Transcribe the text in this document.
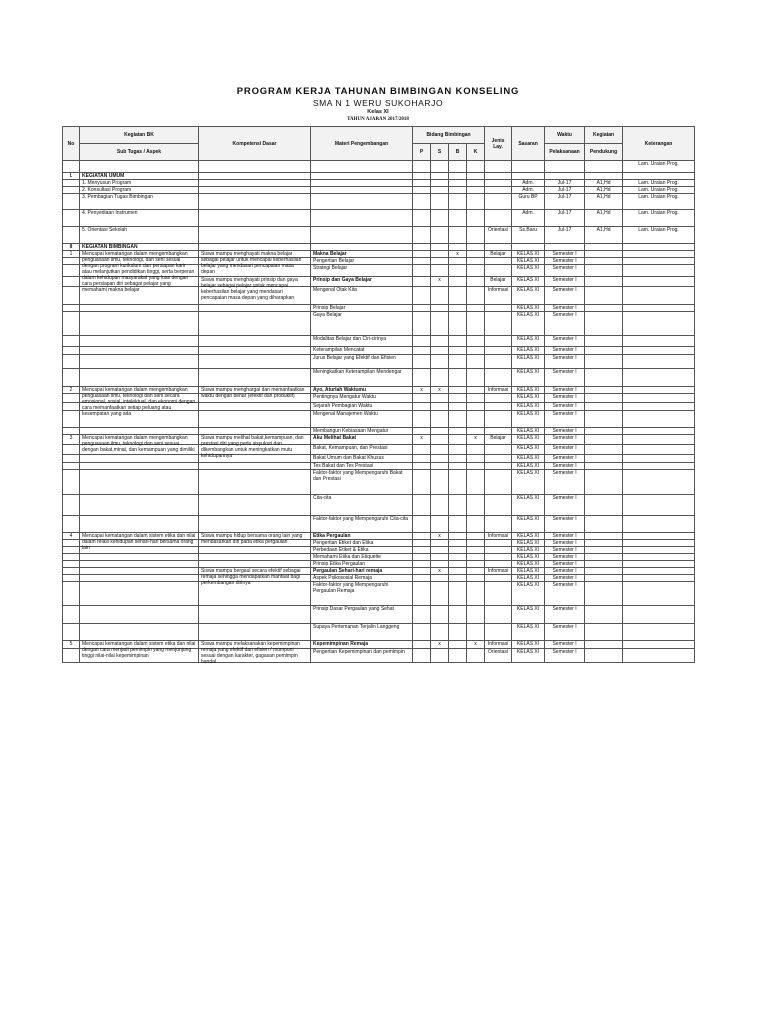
PROGRAM KERJA TAHUNAN BIMBINGAN KONSELING
SMA N 1 WERU SUKOHARJO
Kelas XI
TAHUN AJARAN 2017/2018
No	Kegiatan BK	Kompetensi Dasar	Materi Pengembangan	Bidang Bimbingan				Jenis Lay.	Sasaran	Waktu	Kegiatan	Keterangan
	Sub Tugas / Aspek			P	S	B	K			Pelaksanaan	Pendukung	
												Lam. Uraian Prog.
I.	KEGIATAN UMUM											
	1. Menyusun Program								Adm.	Jul-17	A1,Hd	Lam. Uraian Prog.
	2. Konsultasi Program								Adm.	Jul-17	A1,Hd	Lam. Uraian Prog.
	3. Pembagian Tugas Bimbingan								Guru BP	Jul-17	A1,Hd	Lam. Uraian Prog.
	4. Penyediaan Instrumen								Adm.	Jul-17	A1,Hd	Lam. Uraian Prog.
	5. Orientasi Sekolah							Orientasi	Ss.Baru	Jul-17	A1,Hd	Lam. Uraian Prog.
II	KEGIATAN BIMBINGAN											
1	Mencapai kematangan dalam mengembangkan penguasaan ilmu, teknologi, dan seni sesuai dengan program kurikulum dan persiapan karir atau melanjutkan pendidikan tinggi, serta berperan dalam kehidupan masyarakat yang luas dengan cara persiapan diri sebagai pelajar yang memahami makna belajar	Siswa mampu menghayati makna belajar sebagai pelajar untuk mencapai keberhasilan belajar yang mendasari pencapaian masa depan	Makna Belajar			x		Belajar	KELAS XI	Semester I		
			Pengertian Belajar						KELAS XI	Semester I		
			Strategi Belajar						KELAS XI	Semester I		

		Siswa mampu menghayati prinsip dan gaya belajar sebagai pelajar untuk mencapai keberhasilan belajar yang mendasari pencapaian masa depan yang diharapkan	Prinsip dan Gaya Belajar		x			Belajar	KELAS XI	Semester I		
			Mengenal Otak Kita					Informasi	KELAS XI	Semester I		
			Prinsip Belajar						KELAS XI	Semester I		
			Gaya Belajar						KELAS XI	Semester I		
			Modalitas Belajar dan Ciri-cirinya						KELAS XI	Semester I		
			Keterampilan Mencatat						KELAS XI	Semester I		
			Jurus Belajar yang Efektif dan Efisien						KELAS XI	Semester I		
			Meningkatkan Keterampilan Mendengar						KELAS XI	Semester I		
2	Mencapai kematangan dalam mengembangkan penguasaan ilmu, teknologi dan seni secara emosional, sosial, intelektual, dan ekonomi dengan cara memanfaatkan setiap peluang atau kesempatan yang ada	Siswa mampu menghargai dan memanfaatkan waktu dengan benar (efektif dan produktif)	Ayo, Aturlah Waktumu	x	x			Informasi	KELAS XI	Semester I		
			Pentingnya Mengatur Waktu						KELAS XI	Semester I		
			Sejarah Pembagian Waktu						KELAS XI	Semester I		
			Mengenal Manajemen Waktu						KELAS XI	Semester I		
			Membangun Kebiasaan Mengatur						KELAS XI	Semester I		
3	Mencapai kematangan dalam mengembangkan penguasaan ilmu, teknologi dan seni sesuai dengan bakat,minat, dan kemampuan yang dimiliki	Siswa mampu melihat bakat,kemampuan, dan prestasi diri yang perlu sisyukuri dan dikembangkan untuk meningkatkan mutu kehidupannya	Aku Melihat Bakat	x			x	Belajar	KELAS XI	Semester I		
			Bakat, Kemampuan, dan Prestasi						KELAS XI	Semester I		
			Bakat Umum dan Bakat Khusus						KELAS XI	Semester I		
			Tes Bakat dan Tes Prestasi						KELAS XI	Semester I		
			Faktor-faktor yang Mempengaruhi Bakat dan Prestasi						KELAS XI	Semester I		
			Cita-cita						KELAS XI	Semester I		
			Faktor-faktor yang Mempengaruhi Cita-cita						KELAS XI	Semester I		
4	Mencapai kematangan dalam sistem etika dan nilai dalam relasi kehidupan sehari-hari bersama orang lain	Siswa mampu hidup bersama orang lain yang mendasarkan diri pada etika pergaulan	Etika Pergaulan		x			Informasi	KELAS XI	Semester I		
			Pengertian Etiket dan Etika						KELAS XI	Semester I		
			Perbedaan Etiket & Etika						KELAS XI	Semester I		
			Memahami Etika dan Etiquette						KELAS XI	Semester I		
			Prinsip Etika Pergaulan						KELAS XI	Semester I		

		Siswa mampu bergaul secara efektif sebagai remaja sehingga mendapatkan manfaat bagi perkembangan dirinya	Pergaulan Sehari-hari remaja		x			Informasi	KELAS XI	Semester I		
			Aspek Psikososial Remaja						KELAS XI	Semester I		
			Faktor-faktor yang Mempengaruhi Pergaulan Remaja						KELAS XI	Semester I		
			Prinsip Dasar Pergaulan yang Sehat						KELAS XI	Semester I		
			Supaya Pertemanan Terjalin Langgeng						KELAS XI	Semester I		
5	Mencapai kematangan dalam sistem etika dan nilai dengan cara menjadi pemimpin yang menjunjung tinggi nilai-nilai kepemimpinan	Siswa mampu melaksanakan kepemimpinan remaja yang efektif dan efisien / mumpuni sesuai dengan karakter, gagasan pemimpin handal	Kepemimpinan Remaja		x		x	Informasi	KELAS XI	Semester I		
			Pengertian Kepemimpinan dan pemimpin					Orientasi	KELAS XI	Semester I		
